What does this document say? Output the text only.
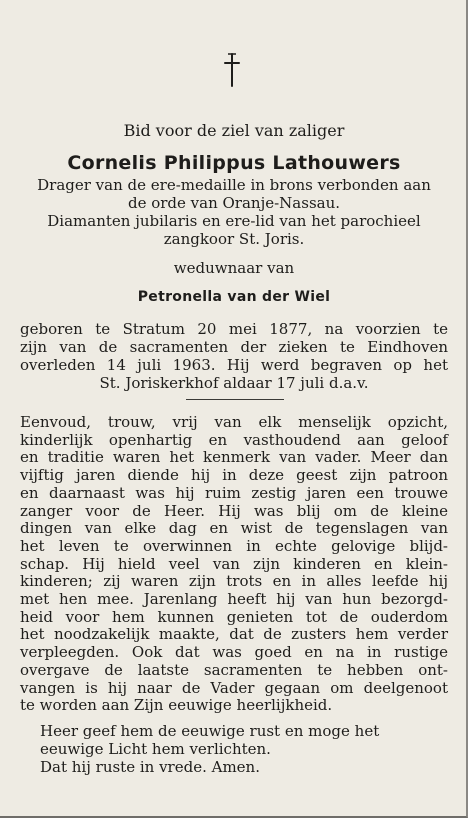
Bid voor de ziel van zaliger
Cornelis Philippus Lathouwers
Drager van de ere-medaille in brons verbonden aan
de orde van Oranje-Nassau.
Diamanten jubilaris en ere-lid van het parochieel
zangkoor St. Joris.
weduwnaar van
Petronella van der Wiel
geboren te Stratum 20 mei 1877, na voorzien te
zijn van de sacramenten der zieken te Eindhoven
overleden 14 juli 1963. Hij werd begraven op het
St. Joriskerkhof aldaar 17 juli d.a.v.
Eenvoud, trouw, vrij van elk menselijk opzicht,
kinderlijk openhartig en vasthoudend aan geloof
en traditie waren het kenmerk van vader. Meer dan
vijftig jaren diende hij in deze geest zijn patroon
en daarnaast was hij ruim zestig jaren een trouwe
zanger voor de Heer. Hij was blij om de kleine
dingen van elke dag en wist de tegenslagen van
het leven te overwinnen in echte gelovige blijd-
schap. Hij hield veel van zijn kinderen en klein-
kinderen; zij waren zijn trots en in alles leefde hij
met hen mee. Jarenlang heeft hij van hun bezorgd-
heid voor hem kunnen genieten tot de ouderdom
het noodzakelijk maakte, dat de zusters hem verder
verpleegden. Ook dat was goed en na in rustige
overgave de laatste sacramenten te hebben ont-
vangen is hij naar de Vader gegaan om deelgenoot
te worden aan Zijn eeuwige heerlijkheid.
Heer geef hem de eeuwige rust en moge het
eeuwige Licht hem verlichten.
Dat hij ruste in vrede. Amen.
